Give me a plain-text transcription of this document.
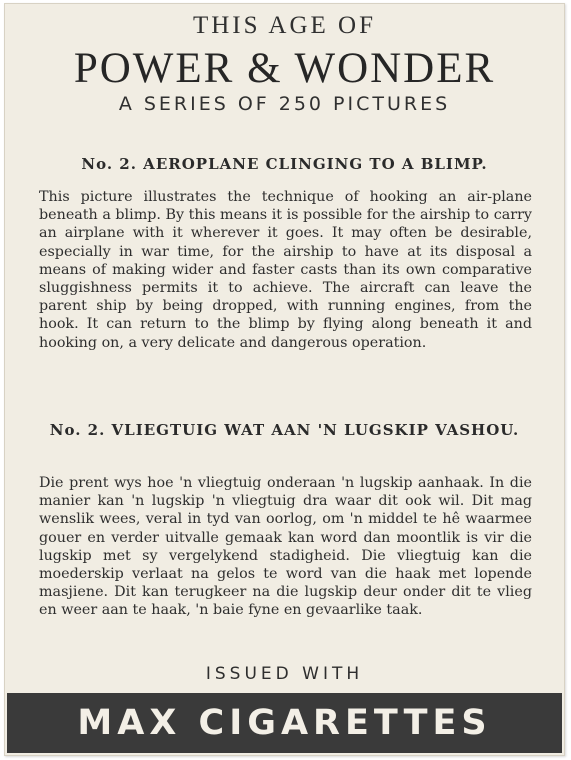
THIS AGE OF
POWER & WONDER
A SERIES OF 250 PICTURES
No. 2. AEROPLANE CLINGING TO A BLIMP.

This picture illustrates the technique of hooking an air-plane beneath a blimp. By this means it is possible for the airship to carry an airplane with it wherever it goes. It may often be desirable, especially in war time, for the airship to have at its disposal a means of making wider and faster casts than its own comparative sluggishness permits it to achieve. The aircraft can leave the parent ship by being dropped, with running engines, from the hook. It can return to the blimp by flying along beneath it and hooking on, a very delicate and dangerous operation.

No. 2. VLIEGTUIG WAT AAN 'N LUGSKIP VASHOU.

Die prent wys hoe 'n vliegtuig onderaan 'n lugskip aanhaak. In die manier kan 'n lugskip 'n vliegtuig dra waar dit ook wil. Dit mag wenslik wees, veral in tyd van oorlog, om 'n middel te hê waarmee gouer en verder uitvalle gemaak kan word dan moontlik is vir die lugskip met sy vergelykend stadigheid. Die vliegtuig kan die moederskip verlaat na gelos te word van die haak met lopende masjiene. Dit kan terugkeer na die lugskip deur onder dit te vlieg en weer aan te haak, 'n baie fyne en gevaarlike taak.

ISSUED WITH
MAX CIGARETTES
